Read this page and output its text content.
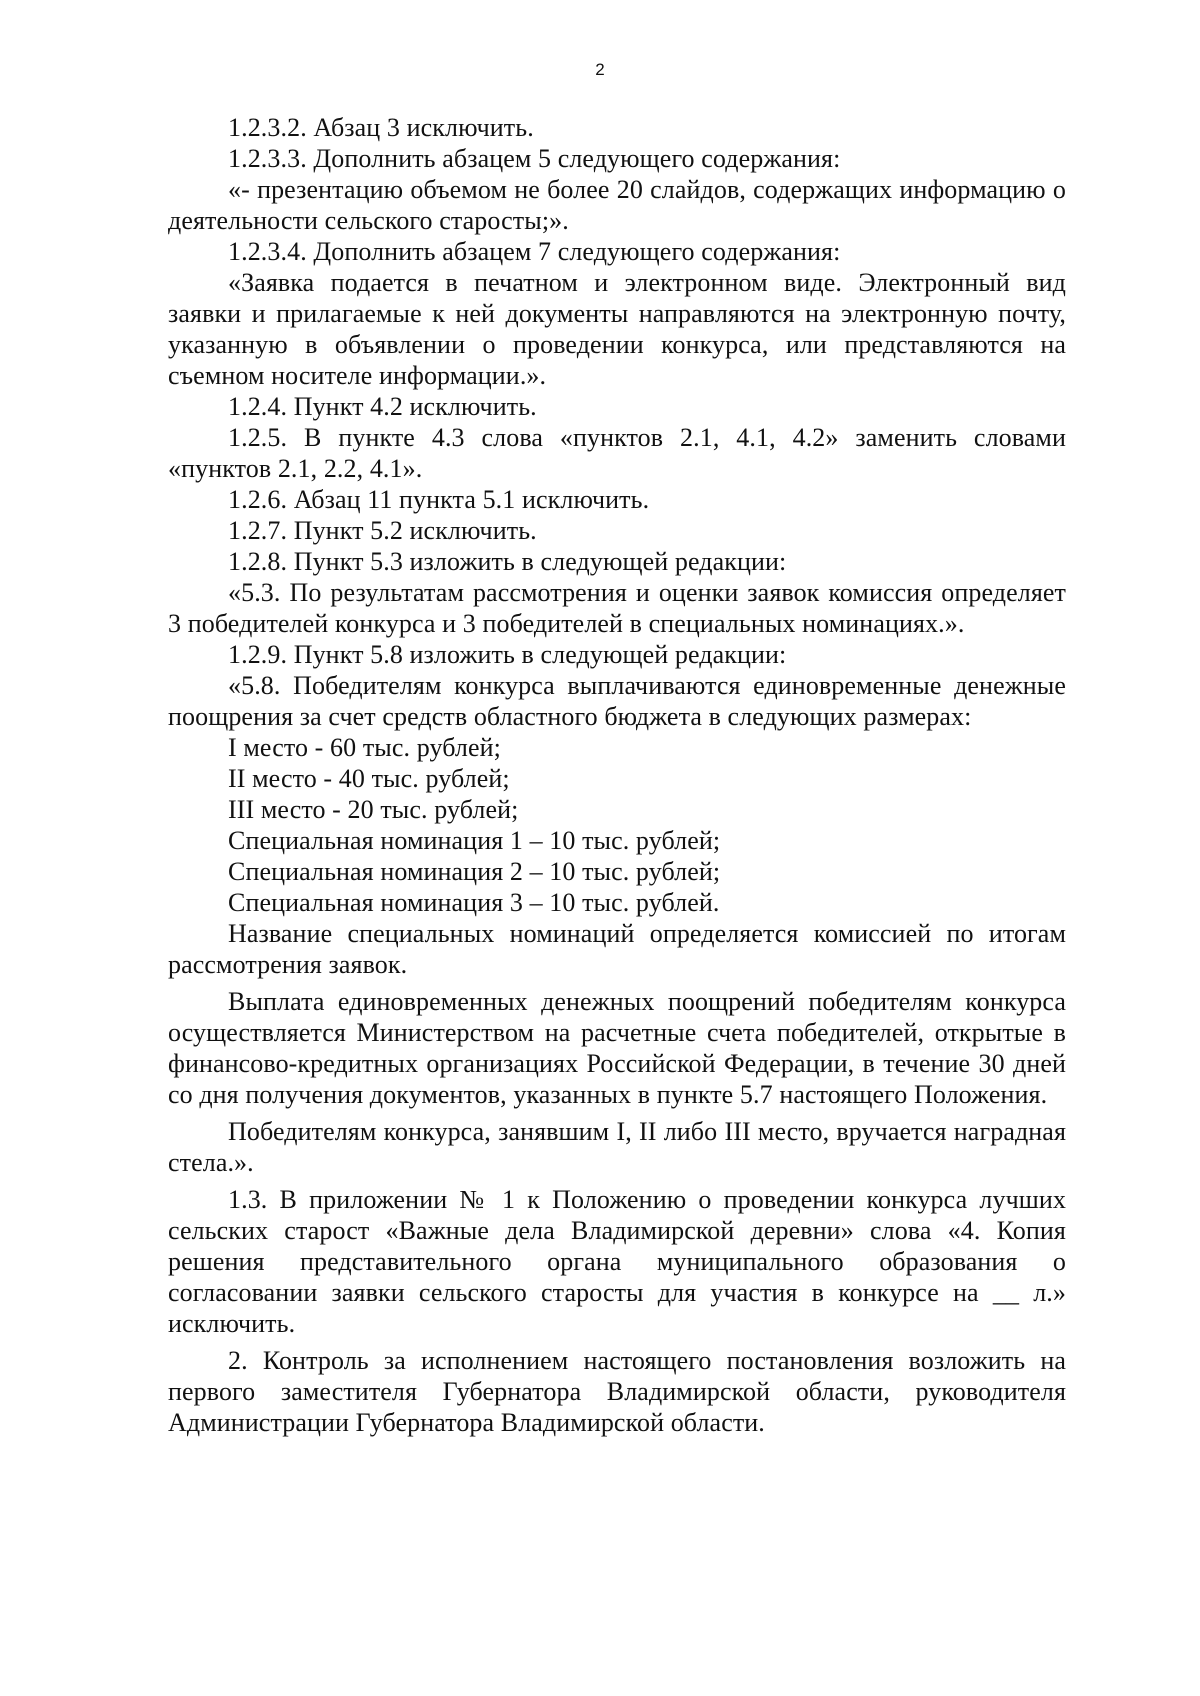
2

1.2.3.2. Абзац 3 исключить.

1.2.3.3. Дополнить абзацем 5 следующего содержания:

«- презентацию объемом не более 20 слайдов, содержащих информацию о деятельности сельского старосты;».

1.2.3.4. Дополнить абзацем 7 следующего содержания:

«Заявка подается в печатном и электронном виде. Электронный вид заявки и прилагаемые к ней документы направляются на электронную почту, указанную в объявлении о проведении конкурса, или представляются на съемном носителе информации.».

1.2.4. Пункт 4.2 исключить.

1.2.5. В пункте 4.3 слова «пунктов 2.1, 4.1, 4.2» заменить словами «пунктов 2.1, 2.2, 4.1».

1.2.6. Абзац 11 пункта 5.1 исключить.

1.2.7. Пункт 5.2 исключить.

1.2.8. Пункт 5.3 изложить в следующей редакции:

«5.3. По результатам рассмотрения и оценки заявок комиссия определяет 3 победителей конкурса и 3 победителей в специальных номинациях.».

1.2.9. Пункт 5.8 изложить в следующей редакции:

«5.8. Победителям конкурса выплачиваются единовременные денежные поощрения за счет средств областного бюджета в следующих размерах:

I место - 60 тыс. рублей;

II место - 40 тыс. рублей;

III место - 20 тыс. рублей;

Специальная номинация 1 – 10 тыс. рублей;

Специальная номинация 2 – 10 тыс. рублей;

Специальная номинация 3 – 10 тыс. рублей.

Название специальных номинаций определяется комиссией по итогам рассмотрения заявок.

Выплата единовременных денежных поощрений победителям конкурса осуществляется Министерством на расчетные счета победителей, открытые в финансово-кредитных организациях Российской Федерации, в течение 30 дней со дня получения документов, указанных в пункте 5.7 настоящего Положения.

Победителям конкурса, занявшим I, II либо III место, вручается наградная стела.».

1.3. В приложении № 1 к Положению о проведении конкурса лучших сельских старост «Важные дела Владимирской деревни» слова «4. Копия решения представительного органа муниципального образования о согласовании заявки сельского старосты для участия в конкурсе на __ л.» исключить.

2. Контроль за исполнением настоящего постановления возложить на первого заместителя Губернатора Владимирской области, руководителя Администрации Губернатора Владимирской области.
